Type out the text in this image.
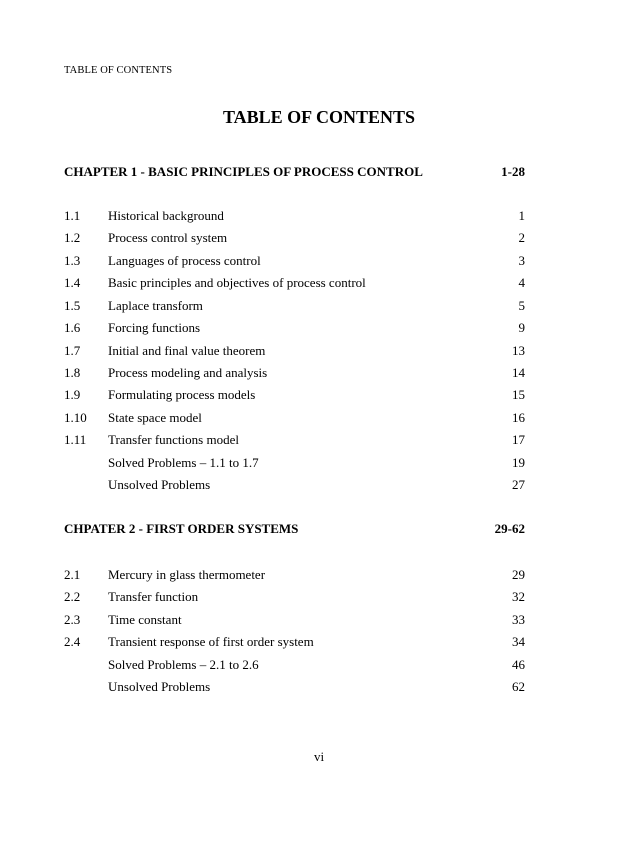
TABLE OF CONTENTS
TABLE OF CONTENTS
CHAPTER 1 - BASIC PRINCIPLES OF PROCESS CONTROL	1-28
1.1	Historical background	1
1.2	Process control system	2
1.3	Languages of process control	3
1.4	Basic principles and objectives of process control	4
1.5	Laplace transform	5
1.6	Forcing functions	9
1.7	Initial and final value theorem	13
1.8	Process modeling and analysis	14
1.9	Formulating process models	15
1.10	State space model	16
1.11	Transfer functions model	17
Solved Problems – 1.1 to 1.7	19
Unsolved Problems	27
CHPATER 2 - FIRST ORDER SYSTEMS	29-62
2.1	Mercury in glass thermometer	29
2.2	Transfer function	32
2.3	Time constant	33
2.4	Transient response of first order system	34
Solved Problems – 2.1 to 2.6	46
Unsolved Problems	62
vi
